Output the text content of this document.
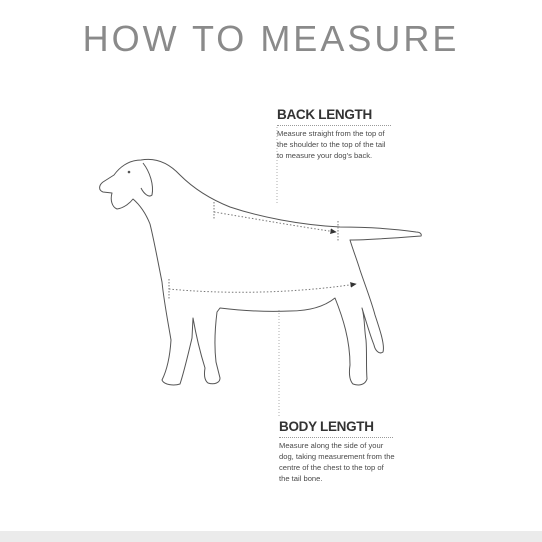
HOW TO MEASURE
BACK LENGTH
Measure straight from the top of the shoulder to the top of the tail to measure your dog's back.
BODY LENGTH
Measure along the side of your dog, taking measurement from the centre of the chest to the top of the tail bone.
